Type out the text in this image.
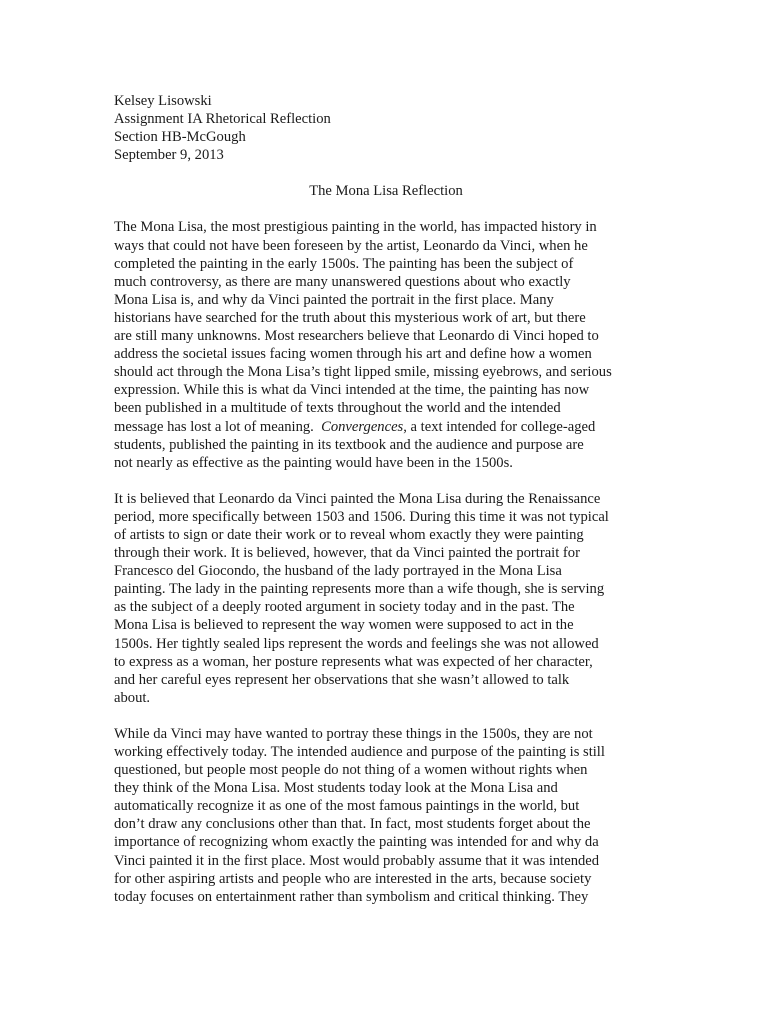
Kelsey Lisowski
Assignment IA Rhetorical Reflection
Section HB-McGough
September 9, 2013
The Mona Lisa Reflection
The Mona Lisa, the most prestigious painting in the world, has impacted history in
ways that could not have been foreseen by the artist, Leonardo da Vinci, when he
completed the painting in the early 1500s. The painting has been the subject of
much controversy, as there are many unanswered questions about who exactly
Mona Lisa is, and why da Vinci painted the portrait in the first place. Many
historians have searched for the truth about this mysterious work of art, but there
are still many unknowns. Most researchers believe that Leonardo di Vinci hoped to
address the societal issues facing women through his art and define how a women
should act through the Mona Lisa’s tight lipped smile, missing eyebrows, and serious
expression. While this is what da Vinci intended at the time, the painting has now
been published in a multitude of texts throughout the world and the intended
message has lost a lot of meaning.  Convergences, a text intended for college-aged
students, published the painting in its textbook and the audience and purpose are
not nearly as effective as the painting would have been in the 1500s.
It is believed that Leonardo da Vinci painted the Mona Lisa during the Renaissance
period, more specifically between 1503 and 1506. During this time it was not typical
of artists to sign or date their work or to reveal whom exactly they were painting
through their work. It is believed, however, that da Vinci painted the portrait for
Francesco del Giocondo, the husband of the lady portrayed in the Mona Lisa
painting. The lady in the painting represents more than a wife though, she is serving
as the subject of a deeply rooted argument in society today and in the past. The
Mona Lisa is believed to represent the way women were supposed to act in the
1500s. Her tightly sealed lips represent the words and feelings she was not allowed
to express as a woman, her posture represents what was expected of her character,
and her careful eyes represent her observations that she wasn’t allowed to talk
about.
While da Vinci may have wanted to portray these things in the 1500s, they are not
working effectively today. The intended audience and purpose of the painting is still
questioned, but people most people do not thing of a women without rights when
they think of the Mona Lisa. Most students today look at the Mona Lisa and
automatically recognize it as one of the most famous paintings in the world, but
don’t draw any conclusions other than that. In fact, most students forget about the
importance of recognizing whom exactly the painting was intended for and why da
Vinci painted it in the first place. Most would probably assume that it was intended
for other aspiring artists and people who are interested in the arts, because society
today focuses on entertainment rather than symbolism and critical thinking. They
